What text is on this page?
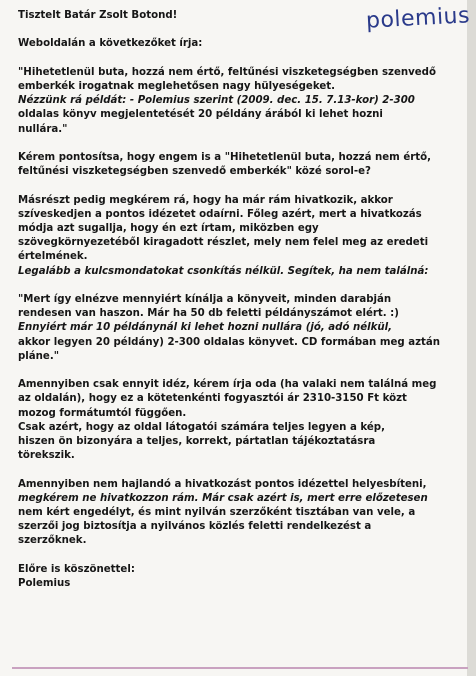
polemius

Tisztelt Batár Zsolt Botond!

Weboldalán a következőket írja:

"Hihetetlenül buta, hozzá nem értő, feltűnési viszketegségben szenvedő

emberkék irogatnak meglehetősen nagy hülyeségeket.

Nézzünk rá példát: - Polemius szerint (2009. dec. 15. 7.13-kor) 2-300

oldalas könyv megjelentetését 20 példány árából ki lehet hozni

nullára."

Kérem pontosítsa, hogy engem is a "Hihetetlenül buta, hozzá nem értő,

feltűnési viszketegségben szenvedő emberkék" közé sorol-e?

Másrészt pedig megkérem rá, hogy ha már rám hivatkozik, akkor

szíveskedjen a pontos idézetet odaírni. Főleg azért, mert a hivatkozás

módja azt sugallja, hogy én ezt írtam, miközben egy

szövegkörnyezetéből kiragadott részlet, mely nem felel meg az eredeti

értelmének.

Legalább a kulcsmondatokat csonkítás nélkül. Segítek, ha nem találná:

"Mert így elnézve mennyiért kínálja a könyveit, minden darabján

rendesen van haszon. Már ha 50 db feletti példányszámot elért. :)

Ennyiért már 10 példánynál ki lehet hozni nullára (jó, adó nélkül,

akkor legyen 20 példány) 2-300 oldalas könyvet. CD formában meg aztán

pláne."

Amennyiben csak ennyit idéz, kérem írja oda (ha valaki nem találná meg

az oldalán), hogy ez a kötetenkénti fogyasztói ár 2310-3150 Ft közt

mozog formátumtól függően.

Csak azért, hogy az oldal látogatói számára teljes legyen a kép,

hiszen ön bizonyára a teljes, korrekt, pártatlan tájékoztatásra

törekszik.

Amennyiben nem hajlandó a hivatkozást pontos idézettel helyesbíteni,

megkérem ne hivatkozzon rám. Már csak azért is, mert erre előzetesen

nem kért engedélyt, és mint nyilván szerzőként tisztában van vele, a

szerzői jog biztosítja a nyilvános közlés feletti rendelkezést a

szerzőknek.

Előre is köszönettel:

Polemius
